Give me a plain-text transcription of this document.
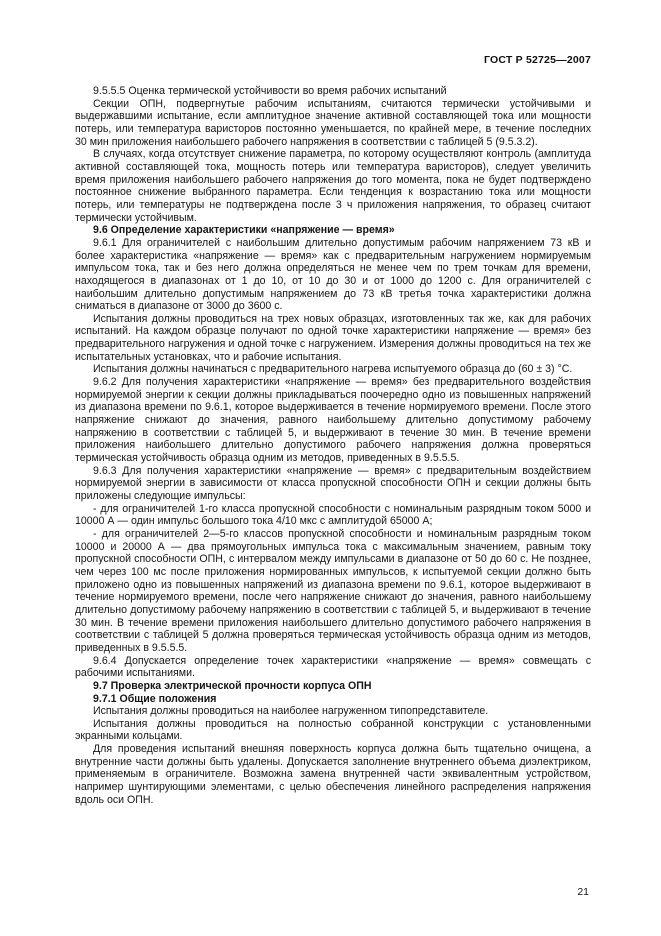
ГОСТ Р 52725—2007

9.5.5.5 Оценка термической устойчивости во время рабочих испытаний

Секции ОПН, подвергнутые рабочим испытаниям, считаются термически устойчивыми и выдержавшими испытание, если амплитудное значение активной составляющей тока или мощности потерь, или температура варисторов постоянно уменьшается, по крайней мере, в течение последних 30 мин приложения наибольшего рабочего напряжения в соответствии с таблицей 5 (9.5.3.2).

В случаях, когда отсутствует снижение параметра, по которому осуществляют контроль (амплитуда активной составляющей тока, мощность потерь или температура варисторов), следует увеличить время приложения наибольшего рабочего напряжения до того момента, пока не будет подтверждено постоянное снижение выбранного параметра. Если тенденция к возрастанию тока или мощности потерь, или температуры не подтверждена после 3 ч приложения напряжения, то образец считают термически устойчивым.

9.6 Определение характеристики «напряжение — время»

9.6.1 Для ограничителей с наибольшим длительно допустимым рабочим напряжением 73 кВ и более характеристика «напряжение — время» как с предварительным нагружением нормируемым импульсом тока, так и без него должна определяться не менее чем по трем точкам для времени, находящегося в диапазонах от 1 до 10, от 10 до 30 и от 1000 до 1200 с. Для ограничителей с наибольшим длительно допустимым напряжением до 73 кВ третья точка характеристики должна сниматься в диапазоне от 3000 до 3600 с.

Испытания должны проводиться на трех новых образцах, изготовленных так же, как для рабочих испытаний. На каждом образце получают по одной точке характеристики напряжение — время» без предварительного нагружения и одной точке с нагружением. Измерения должны проводиться на тех же испытательных установках, что и рабочие испытания.

Испытания должны начинаться с предварительного нагрева испытуемого образца до (60 ± 3) °С.

9.6.2 Для получения характеристики «напряжение — время» без предварительного воздействия нормируемой энергии к секции должны прикладываться поочередно одно из повышенных напряжений из диапазона времени по 9.6.1, которое выдерживается в течение нормируемого времени. После этого напряжение снижают до значения, равного наибольшему длительно допустимому рабочему напряжению в соответствии с таблицей 5, и выдерживают в течение 30 мин. В течение времени приложения наибольшего длительно допустимого рабочего напряжения должна проверяться термическая устойчивость образца одним из методов, приведенных в 9.5.5.5.

9.6.3 Для получения характеристики «напряжение — время» с предварительным воздействием нормируемой энергии в зависимости от класса пропускной способности ОПН и секции должны быть приложены следующие импульсы:

- для ограничителей 1-го класса пропускной способности с номинальным разрядным током 5000 и 10000 А — один импульс большого тока 4/10 мкс с амплитудой 65000 А;

- для ограничителей 2—5-го классов пропускной способности и номинальным разрядным током 10000 и 20000 А — два прямоугольных импульса тока с максимальным значением, равным току пропускной способности ОПН, с интервалом между импульсами в диапазоне от 50 до 60 с. Не позднее, чем через 100 мс после приложения нормированных импульсов, к испытуемой секции должно быть приложено одно из повышенных напряжений из диапазона времени по 9.6.1, которое выдерживают в течение нормируемого времени, после чего напряжение снижают до значения, равного наибольшему длительно допустимому рабочему напряжению в соответствии с таблицей 5, и выдерживают в течение 30 мин. В течение времени приложения наибольшего длительно допустимого рабочего напряжения в соответствии с таблицей 5 должна проверяться термическая устойчивость образца одним из методов, приведенных в 9.5.5.5.

9.6.4 Допускается определение точек характеристики «напряжение — время» совмещать с рабочими испытаниями.

9.7 Проверка электрической прочности корпуса ОПН

9.7.1 Общие положения

Испытания должны проводиться на наиболее нагруженном типопредставителе.

Испытания должны проводиться на полностью собранной конструкции с установленными экранными кольцами.

Для проведения испытаний внешняя поверхность корпуса должна быть тщательно очищена, а внутренние части должны быть удалены. Допускается заполнение внутреннего объема диэлектриком, применяемым в ограничителе. Возможна замена внутренней части эквивалентным устройством, например шунтирующими элементами, с целью обеспечения линейного распределения напряжения вдоль оси ОПН.

21
